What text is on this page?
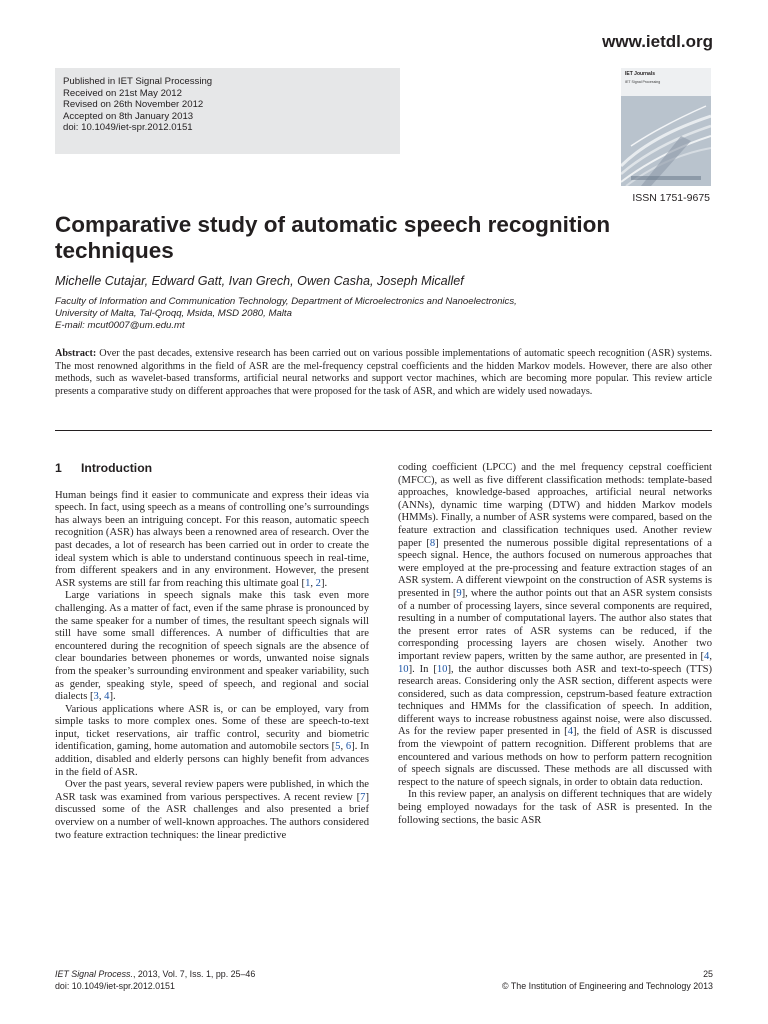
www.ietdl.org
Published in IET Signal Processing
Received on 21st May 2012
Revised on 26th November 2012
Accepted on 8th January 2013
doi: 10.1049/iet-spr.2012.0151
IET Journals
IET Signal Processing
ISSN 1751-9675
Comparative study of automatic speech recognition techniques
Michelle Cutajar, Edward Gatt, Ivan Grech, Owen Casha, Joseph Micallef
Faculty of Information and Communication Technology, Department of Microelectronics and Nanoelectronics,
University of Malta, Tal-Qroqq, Msida, MSD 2080, Malta
E-mail: mcut0007@um.edu.mt
Abstract: Over the past decades, extensive research has been carried out on various possible implementations of automatic speech recognition (ASR) systems. The most renowned algorithms in the field of ASR are the mel-frequency cepstral coefficients and the hidden Markov models. However, there are also other methods, such as wavelet-based transforms, artificial neural networks and support vector machines, which are becoming more popular. This review article presents a comparative study on different approaches that were proposed for the task of ASR, and which are widely used nowadays.
1 Introduction

Human beings find it easier to communicate and express their ideas via speech. In fact, using speech as a means of controlling one’s surroundings has always been an intriguing concept. For this reason, automatic speech recognition (ASR) has always been a renowned area of research. Over the past decades, a lot of research has been carried out in order to create the ideal system which is able to understand continuous speech in real-time, from different speakers and in any environment. However, the present ASR systems are still far from reaching this ultimate goal [1, 2].

Large variations in speech signals make this task even more challenging. As a matter of fact, even if the same phrase is pronounced by the same speaker for a number of times, the resultant speech signals will still have some small differences. A number of difficulties that are encountered during the recognition of speech signals are the absence of clear boundaries between phonemes or words, unwanted noise signals from the speaker’s surrounding environment and speaker variability, such as gender, speaking style, speed of speech, and regional and social dialects [3, 4].

Various applications where ASR is, or can be employed, vary from simple tasks to more complex ones. Some of these are speech-to-text input, ticket reservations, air traffic control, security and biometric identification, gaming, home automation and automobile sectors [5, 6]. In addition, disabled and elderly persons can highly benefit from advances in the field of ASR.

Over the past years, several review papers were published, in which the ASR task was examined from various perspectives. A recent review [7] discussed some of the ASR challenges and also presented a brief overview on a number of well-known approaches. The authors considered two feature extraction techniques: the linear predictive

coding coefficient (LPCC) and the mel frequency cepstral coefficient (MFCC), as well as five different classification methods: template-based approaches, knowledge-based approaches, artificial neural networks (ANNs), dynamic time warping (DTW) and hidden Markov models (HMMs). Finally, a number of ASR systems were compared, based on the feature extraction and classification techniques used. Another review paper [8] presented the numerous possible digital representations of a speech signal. Hence, the authors focused on numerous approaches that were employed at the pre-processing and feature extraction stages of an ASR system. A different viewpoint on the construction of ASR systems is presented in [9], where the author points out that an ASR system consists of a number of processing layers, since several components are required, resulting in a number of computational layers. The author also states that the present error rates of ASR systems can be reduced, if the corresponding processing layers are chosen wisely. Another two important review papers, written by the same author, are presented in [4, 10]. In [10], the author discusses both ASR and text-to-speech (TTS) research areas. Considering only the ASR section, different aspects were considered, such as data compression, cepstrum-based feature extraction techniques and HMMs for the classification of speech. In addition, different ways to increase robustness against noise, were also discussed. As for the review paper presented in [4], the field of ASR is discussed from the viewpoint of pattern recognition. Different problems that are encountered and various methods on how to perform pattern recognition of speech signals are discussed. These methods are all discussed with respect to the nature of speech signals, in order to obtain data reduction.

In this review paper, an analysis on different techniques that are widely being employed nowadays for the task of ASR is presented. In the following sections, the basic ASR

IET Signal Process., 2013, Vol. 7, Iss. 1, pp. 25–46
doi: 10.1049/iet-spr.2012.0151
25
© The Institution of Engineering and Technology 2013
